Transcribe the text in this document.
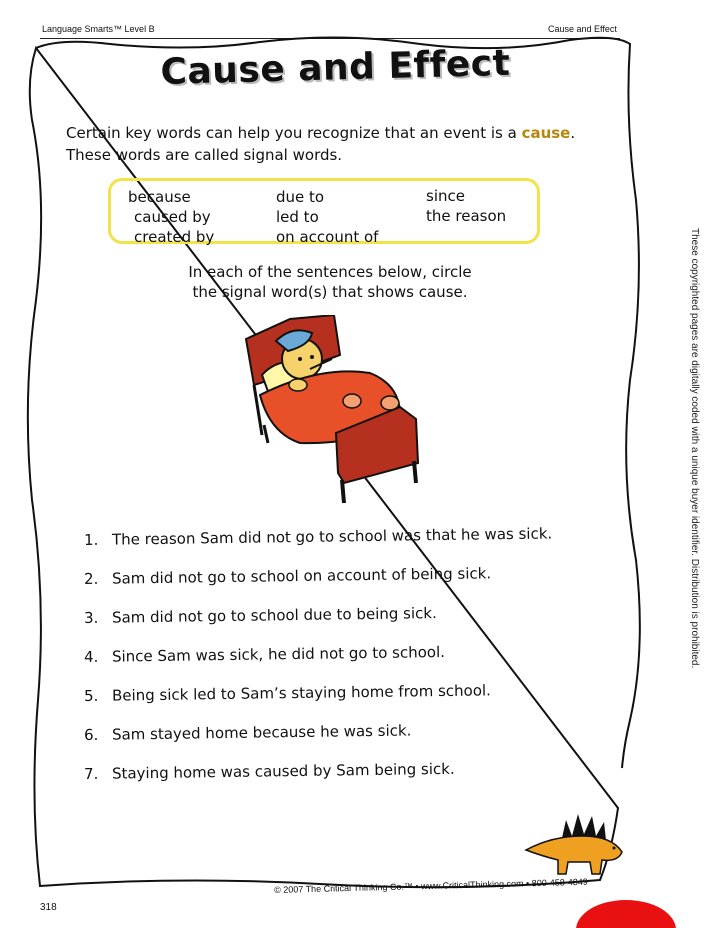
Language Smarts™ Level B	Cause and Effect
Cause and Effect

Certain key words can help you recognize that an event is a cause. These words are called signal words.

because
caused by
created by
due to
led to
on account of
since
the reason

In each of the sentences below, circle
the signal word(s) that shows cause.

1. The reason Sam did not go to school was that he was sick.
2. Sam did not go to school on account of being sick.
3. Sam did not go to school due to being sick.
4. Since Sam was sick, he did not go to school.
5. Being sick led to Sam’s staying home from school.
6. Sam stayed home because he was sick.
7. Staying home was caused by Sam being sick.
© 2007 The Critical Thinking Co.™ • www.CriticalThinking.com • 800-458-4849
318
These copyrighted pages are digitally coded with a unique buyer identifier. Distribution is prohibited.
